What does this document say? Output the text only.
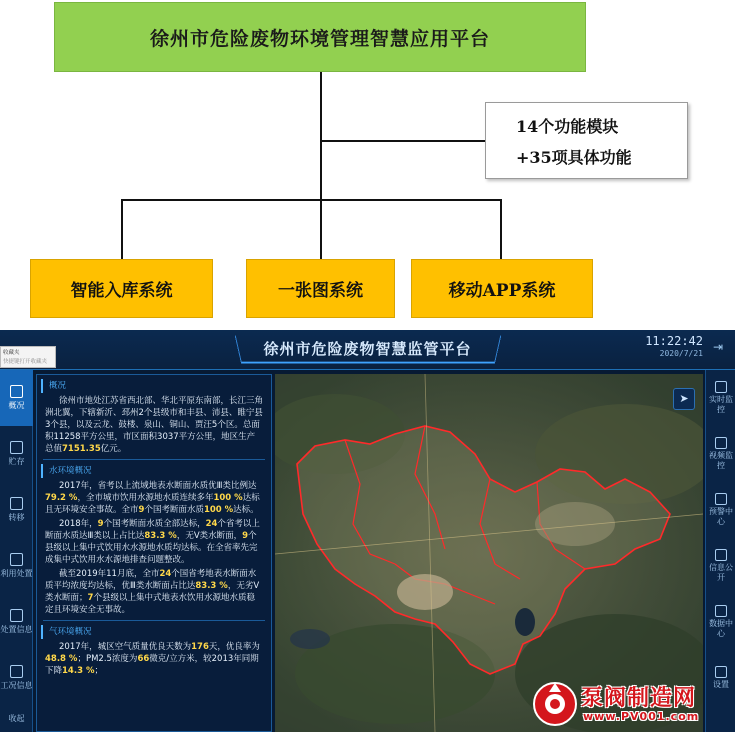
徐州市危险废物环境管理智慧应用平台
14个功能模块
+35项具体功能
智能入库系统	一张图系统	移动APP系统
徐州市危险废物智慧监管平台	11:22:42
2020/7/21 ⇥
收藏夹
快捷键打开收藏夹
概况
贮存
转移
利用处置
处置信息
工况信息
收起
概况
徐州市地处江苏省西北部、华北平原东南部，长江三角洲北翼，下辖新沂、邳州2个县级市和丰县、沛县、睢宁县3个县，以及云龙、鼓楼、泉山、铜山、贾汪5个区。总面积11258平方公里，市区面积3037平方公里，地区生产总值7151.35亿元。
水环境概况
2017年，省考以上流域地表水断面水质优Ⅲ类比例达79.2 %，全市城市饮用水源地水质连续多年100 %达标且无环境安全事故。全市9个国考断面水质100 %达标。
2018年，9个国考断面水质全部达标，24个省考以上断面水质达Ⅲ类以上占比达83.3 %，无Ⅴ类水断面，9个县级以上集中式饮用水水源地水质均达标。在全省率先完成集中式饮用水水源地排查问题整改。
截至2019年11月底，全市24个国省考地表水断面水质平均浓度均达标，优Ⅲ类水断面占比达83.3 %，无劣Ⅴ类水断面；7个县级以上集中式地表水饮用水源地水质稳定且环境安全无事故。
气环境概况
2017年，城区空气质量优良天数为176天，优良率为48.8 %；PM2.5浓度为66微克/立方米，较2013年同期下降14.3 %；
➤	实时监控
视频监控
预警中心
信息公开
数据中心
设置
泵阀制造网
www.PV001.com
